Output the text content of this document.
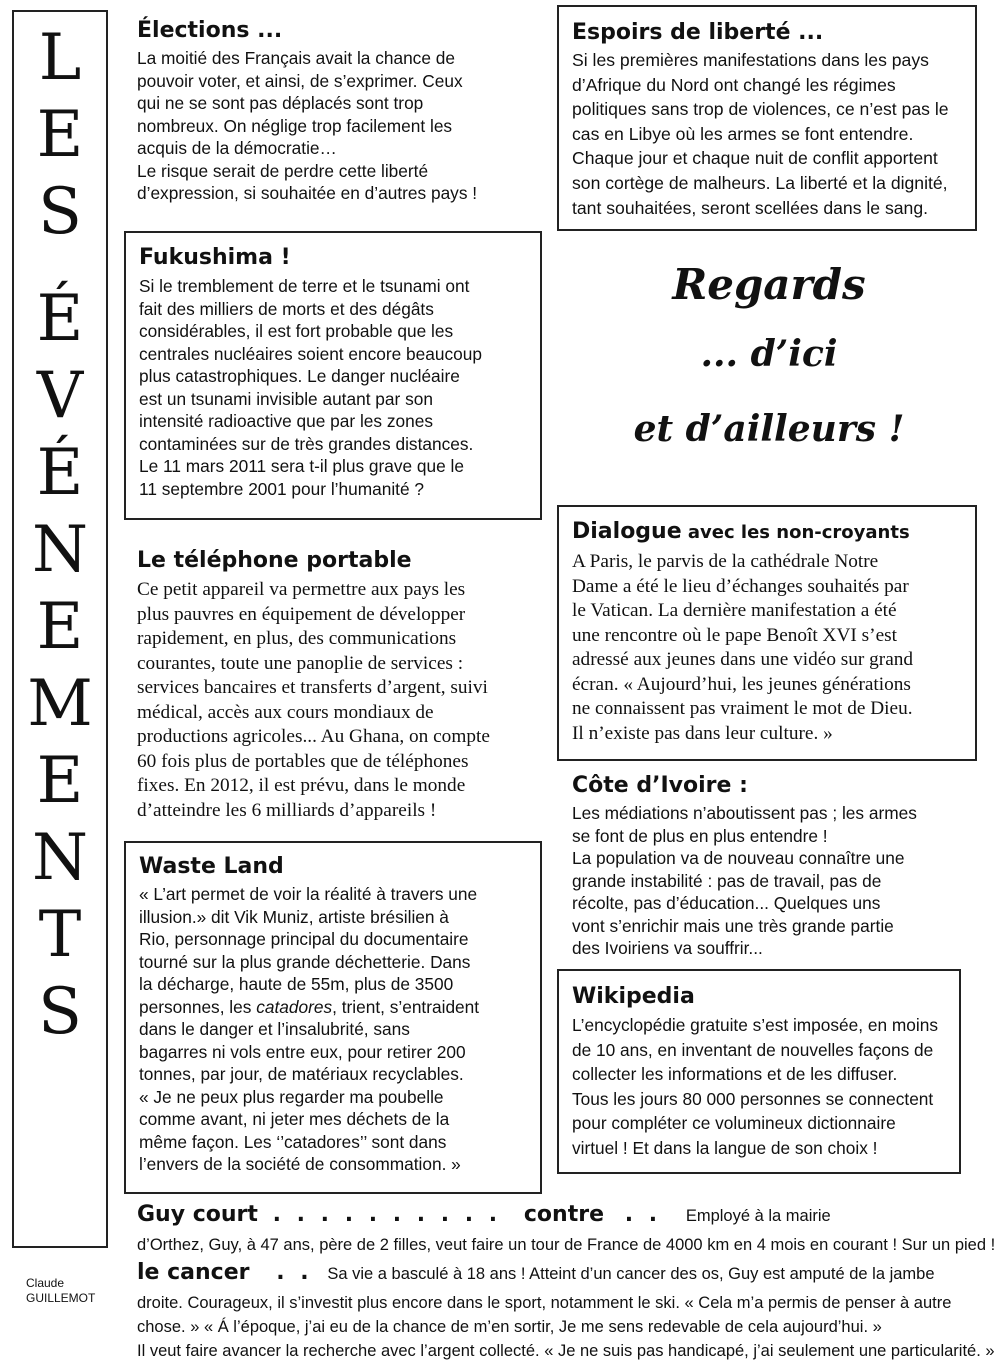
L
E
S
É
V
É
N
E
M
E
N
T
S
Claude
GUILLEMOT
Élections ...

La moitié des Français avait la chance de
pouvoir voter, et ainsi, de s’exprimer. Ceux
qui ne se sont pas déplacés sont trop
nombreux. On néglige trop facilement les
acquis de la démocratie…
Le risque serait de perdre cette liberté
d’expression, si souhaitée en d’autres pays !

Espoirs de liberté ...

Si les premières manifestations dans les pays
d’Afrique du Nord ont changé les régimes
politiques sans trop de violences, ce n’est pas le
cas en Libye où les armes se font entendre.
Chaque jour et chaque nuit de conflit apportent
son cortège de malheurs. La liberté et la dignité,
tant souhaitées, seront scellées dans le sang.

Fukushima !

Si le tremblement de terre et le tsunami ont
fait des milliers de morts et des dégâts
considérables, il est fort probable que les
centrales nucléaires soient encore beaucoup
plus catastrophiques. Le danger nucléaire
est un tsunami invisible autant par son
intensité radioactive que par les zones
contaminées sur de très grandes distances.
Le 11 mars 2011 sera t-il plus grave que le
11 septembre 2001 pour l’humanité ?

Regards
... d’ici
et d’ailleurs !
Le téléphone portable

Ce petit appareil va permettre aux pays les
plus pauvres en équipement de développer
rapidement, en plus, des communications
courantes, toute une panoplie de services :
services bancaires et transferts d’argent, suivi
médical, accès aux cours mondiaux de
productions agricoles... Au Ghana, on compte
60 fois plus de portables que de téléphones
fixes. En 2012, il est prévu, dans le monde
d’atteindre les 6 milliards d’appareils !

Dialogue avec les non-croyants

A Paris, le parvis de la cathédrale Notre
Dame a été le lieu d’échanges souhaités par
le Vatican. La dernière manifestation a été
une rencontre où le pape Benoît XVI s’est
adressé aux jeunes dans une vidéo sur grand
écran. « Aujourd’hui, les jeunes générations
ne connaissent pas vraiment le mot de Dieu.
Il n’existe pas dans leur culture. »

Côte d’Ivoire :

Les médiations n’aboutissent pas ; les armes
se font de plus en plus entendre !
La population va de nouveau connaître une
grande instabilité : pas de travail, pas de
récolte, pas d’éducation... Quelques uns
vont s’enrichir mais une très grande partie
des Ivoiriens va souffrir...

Waste Land

« L’art permet de voir la réalité à travers une
illusion.» dit Vik Muniz, artiste brésilien à
Rio, personnage principal du documentaire
tourné sur la plus grande déchetterie. Dans
la décharge, haute de 55m, plus de 3500
personnes, les catadores, trient, s’entraident
dans le danger et l’insalubrité, sans
bagarres ni vols entre eux, pour retirer 200
tonnes, par jour, de matériaux recyclables.
« Je ne peux plus regarder ma poubelle
comme avant, ni jeter mes déchets de la
même façon. Les ‘’catadores’’ sont dans
l’envers de la société de consommation. »

Wikipedia

L’encyclopédie gratuite s’est imposée, en moins
de 10 ans, en inventant de nouvelles façons de
collecter les informations et de les diffuser.
Tous les jours 80 000 personnes se connectent
pour compléter ce volumineux dictionnaire
virtuel ! Et dans la langue de son choix !

Guy court . . . . . . . . . . contre . . Employé à la mairie
d’Orthez, Guy, à 47 ans, père de 2 filles, veut faire un tour de France de 4000 km en 4 mois en courant ! Sur un pied !
le cancer . . Sa vie a basculé à 18 ans ! Atteint d’un cancer des os, Guy est amputé de la jambe
droite. Courageux, il s’investit plus encore dans le sport, notamment le ski. « Cela m’a permis de penser à autre
chose. » « Á l’époque, j’ai eu de la chance de m’en sortir, Je me sens redevable de cela aujourd’hui. »
Il veut faire avancer la recherche avec l’argent collecté. « Je ne suis pas handicapé, j’ai seulement une particularité. »
